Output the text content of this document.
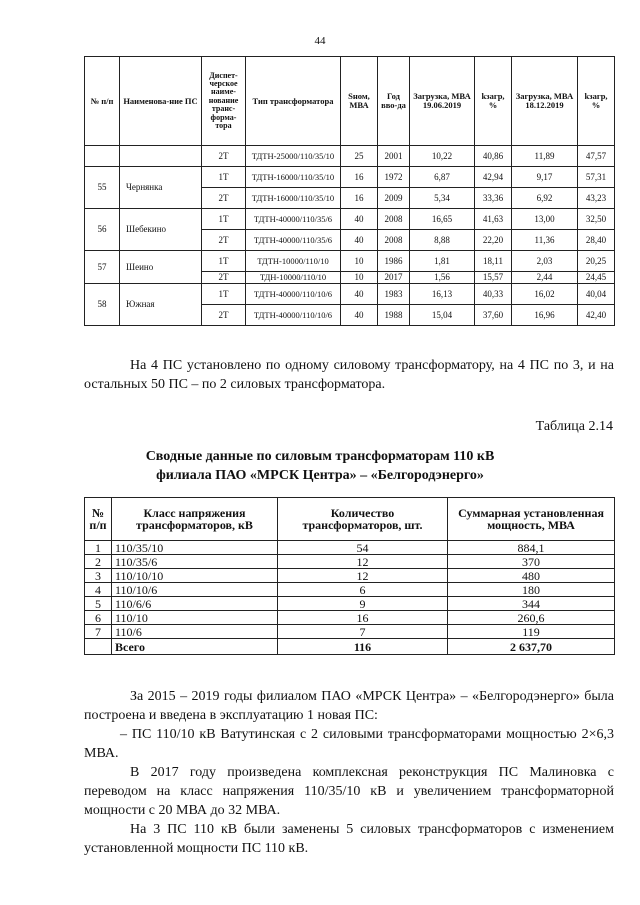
44
№ п/п	Наименова-ние ПС	Диспет-черское наиме-нование транс-форма-тора	Тип трансформатора	Sном, МВА	Год вво-да	Загрузка, МВА 19.06.2019	kзагр, %	Загрузка, МВА 18.12.2019	kзагр, %
		2Т	ТДТН-25000/110/35/10	25	2001	10,22	40,86	11,89	47,57
55	Чернянка	1Т	ТДТН-16000/110/35/10	16	1972	6,87	42,94	9,17	57,31
		2Т	ТДТН-16000/110/35/10	16	2009	5,34	33,36	6,92	43,23
56	Шебекино	1Т	ТДТН-40000/110/35/6	40	2008	16,65	41,63	13,00	32,50
		2Т	ТДТН-40000/110/35/6	40	2008	8,88	22,20	11,36	28,40
57	Шеино	1Т	ТДТН-10000/110/10	10	1986	1,81	18,11	2,03	20,25
		2Т	ТДН-10000/110/10	10	2017	1,56	15,57	2,44	24,45
58	Южная	1Т	ТДТН-40000/110/10/6	40	1983	16,13	40,33	16,02	40,04
		2Т	ТДТН-40000/110/10/6	40	1988	15,04	37,60	16,96	42,40
На 4 ПС установлено по одному силовому трансформатору, на 4 ПС по 3, и на остальных 50 ПС – по 2 силовых трансформатора.
Таблица 2.14
Сводные данные по силовым трансформаторам 110 кВ
филиала ПАО «МРСК Центра» – «Белгородэнерго»
№ п/п	Класс напряжения трансформаторов, кВ	Количество трансформаторов, шт.	Суммарная установленная мощность, МВА
1	110/35/10	54	884,1
2	110/35/6	12	370
3	110/10/10	12	480
4	110/10/6	6	180
5	110/6/6	9	344
6	110/10	16	260,6
7	110/6	7	119
	Всего	116	2 637,70
За 2015 – 2019 годы филиалом ПАО «МРСК Центра» – «Белгородэнерго» была построена и введена в эксплуатацию 1 новая ПС:
– ПС 110/10 кВ Ватутинская с 2 силовыми трансформаторами мощностью 2×6,3 МВА.
В 2017 году произведена комплексная реконструкция ПС Малиновка с переводом на класс напряжения 110/35/10 кВ и увеличением трансформаторной мощности с 20 МВА до 32 МВА.
На 3 ПС 110 кВ были заменены 5 силовых трансформаторов с изменением установленной мощности ПС 110 кВ.
